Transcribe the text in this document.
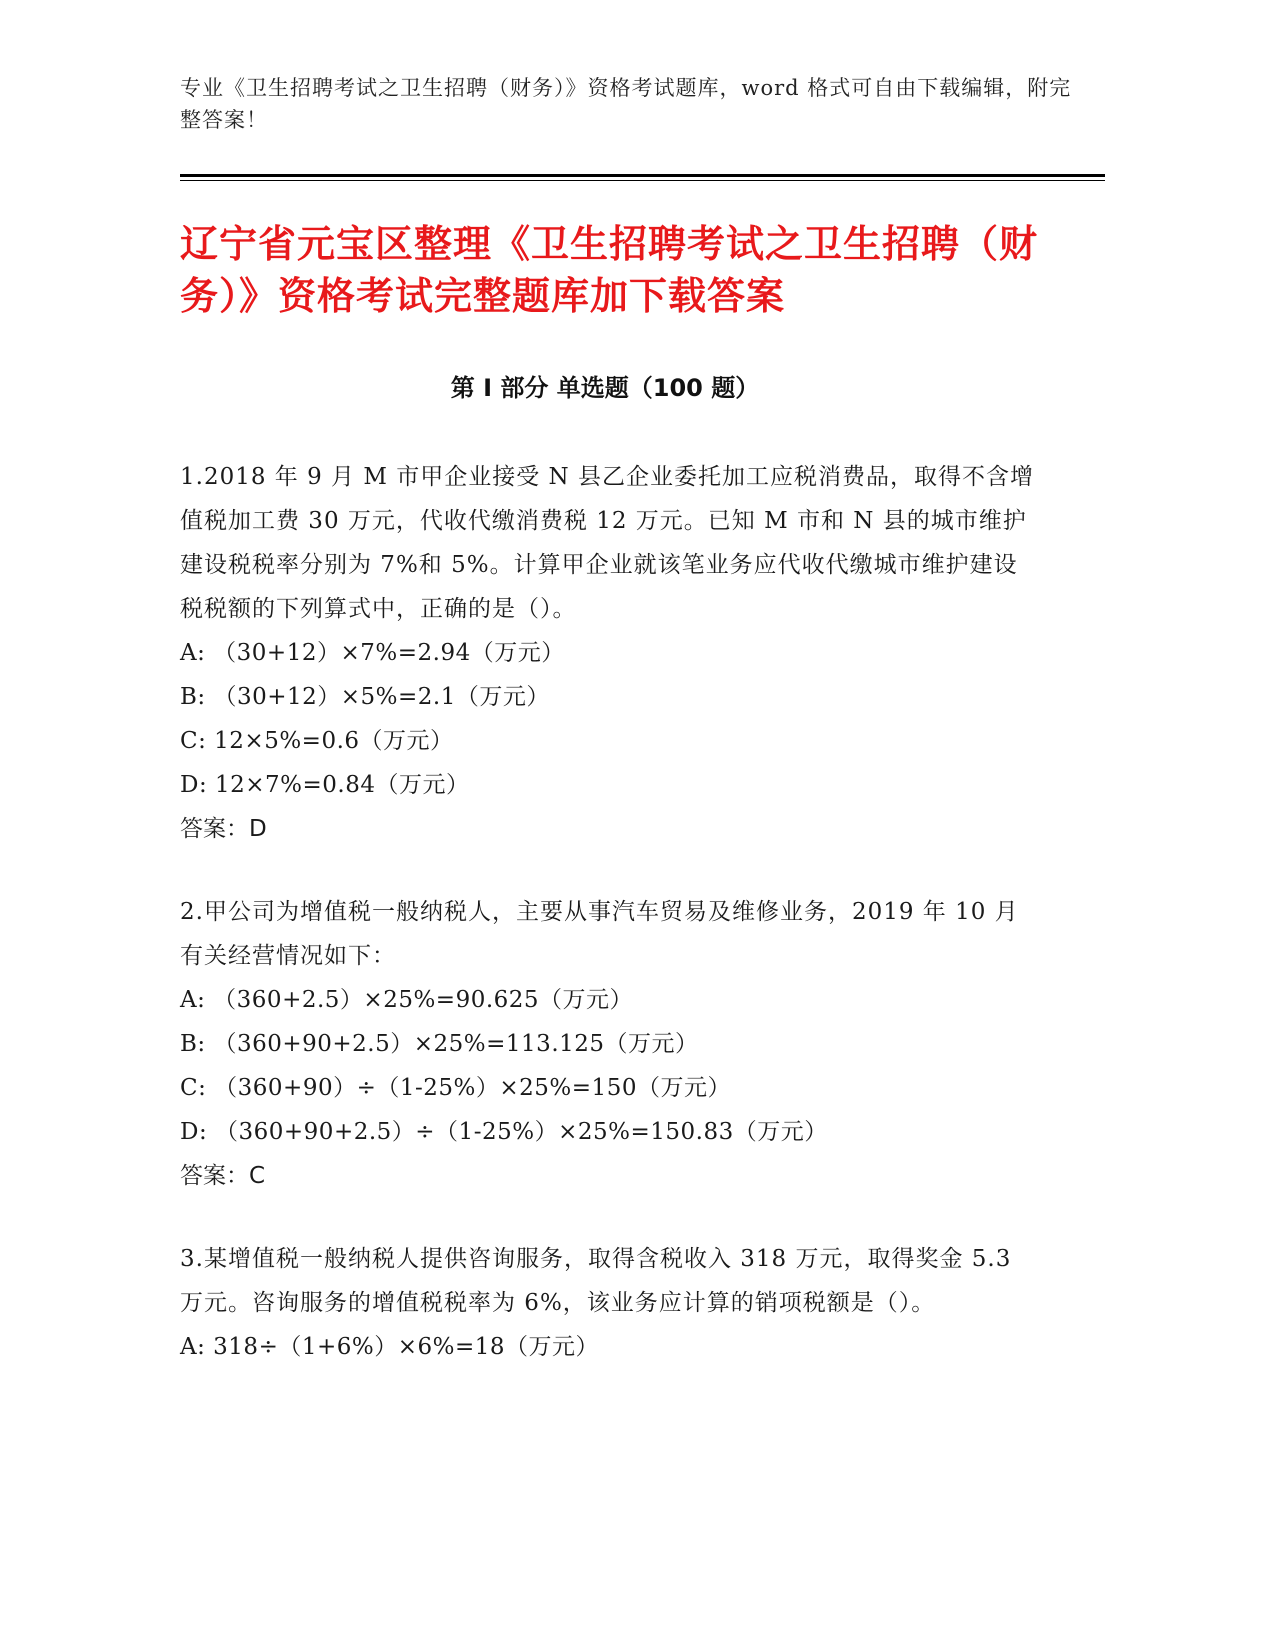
专业《卫生招聘考试之卫生招聘（财务）》资格考试题库，word 格式可自由下载编辑，附完整答案！
辽宁省元宝区整理《卫生招聘考试之卫生招聘（财务）》资格考试完整题库加下载答案
第 I 部分 单选题（100 题）

1.2018 年 9 月 M 市甲企业接受 N 县乙企业委托加工应税消费品，取得不含增值税加工费 30 万元，代收代缴消费税 12 万元。已知 M 市和 N 县的城市维护建设税税率分别为 7%和 5%。计算甲企业就该笔业务应代收代缴城市维护建设税税额的下列算式中，正确的是（）。

A: （30+12）×7%=2.94（万元）

B: （30+12）×5%=2.1（万元）

C: 12×5%=0.6（万元）

D: 12×7%=0.84（万元）

答案：D

2.甲公司为增值税一般纳税人，主要从事汽车贸易及维修业务，2019 年 10 月有关经营情况如下：

A: （360+2.5）×25%=90.625（万元）

B: （360+90+2.5）×25%=113.125（万元）

C: （360+90）÷（1-25%）×25%=150（万元）

D: （360+90+2.5）÷（1-25%）×25%=150.83（万元）

答案：C

3.某增值税一般纳税人提供咨询服务，取得含税收入 318 万元，取得奖金 5.3 万元。咨询服务的增值税税率为 6%，该业务应计算的销项税额是（）。

A: 318÷（1+6%）×6%=18（万元）
